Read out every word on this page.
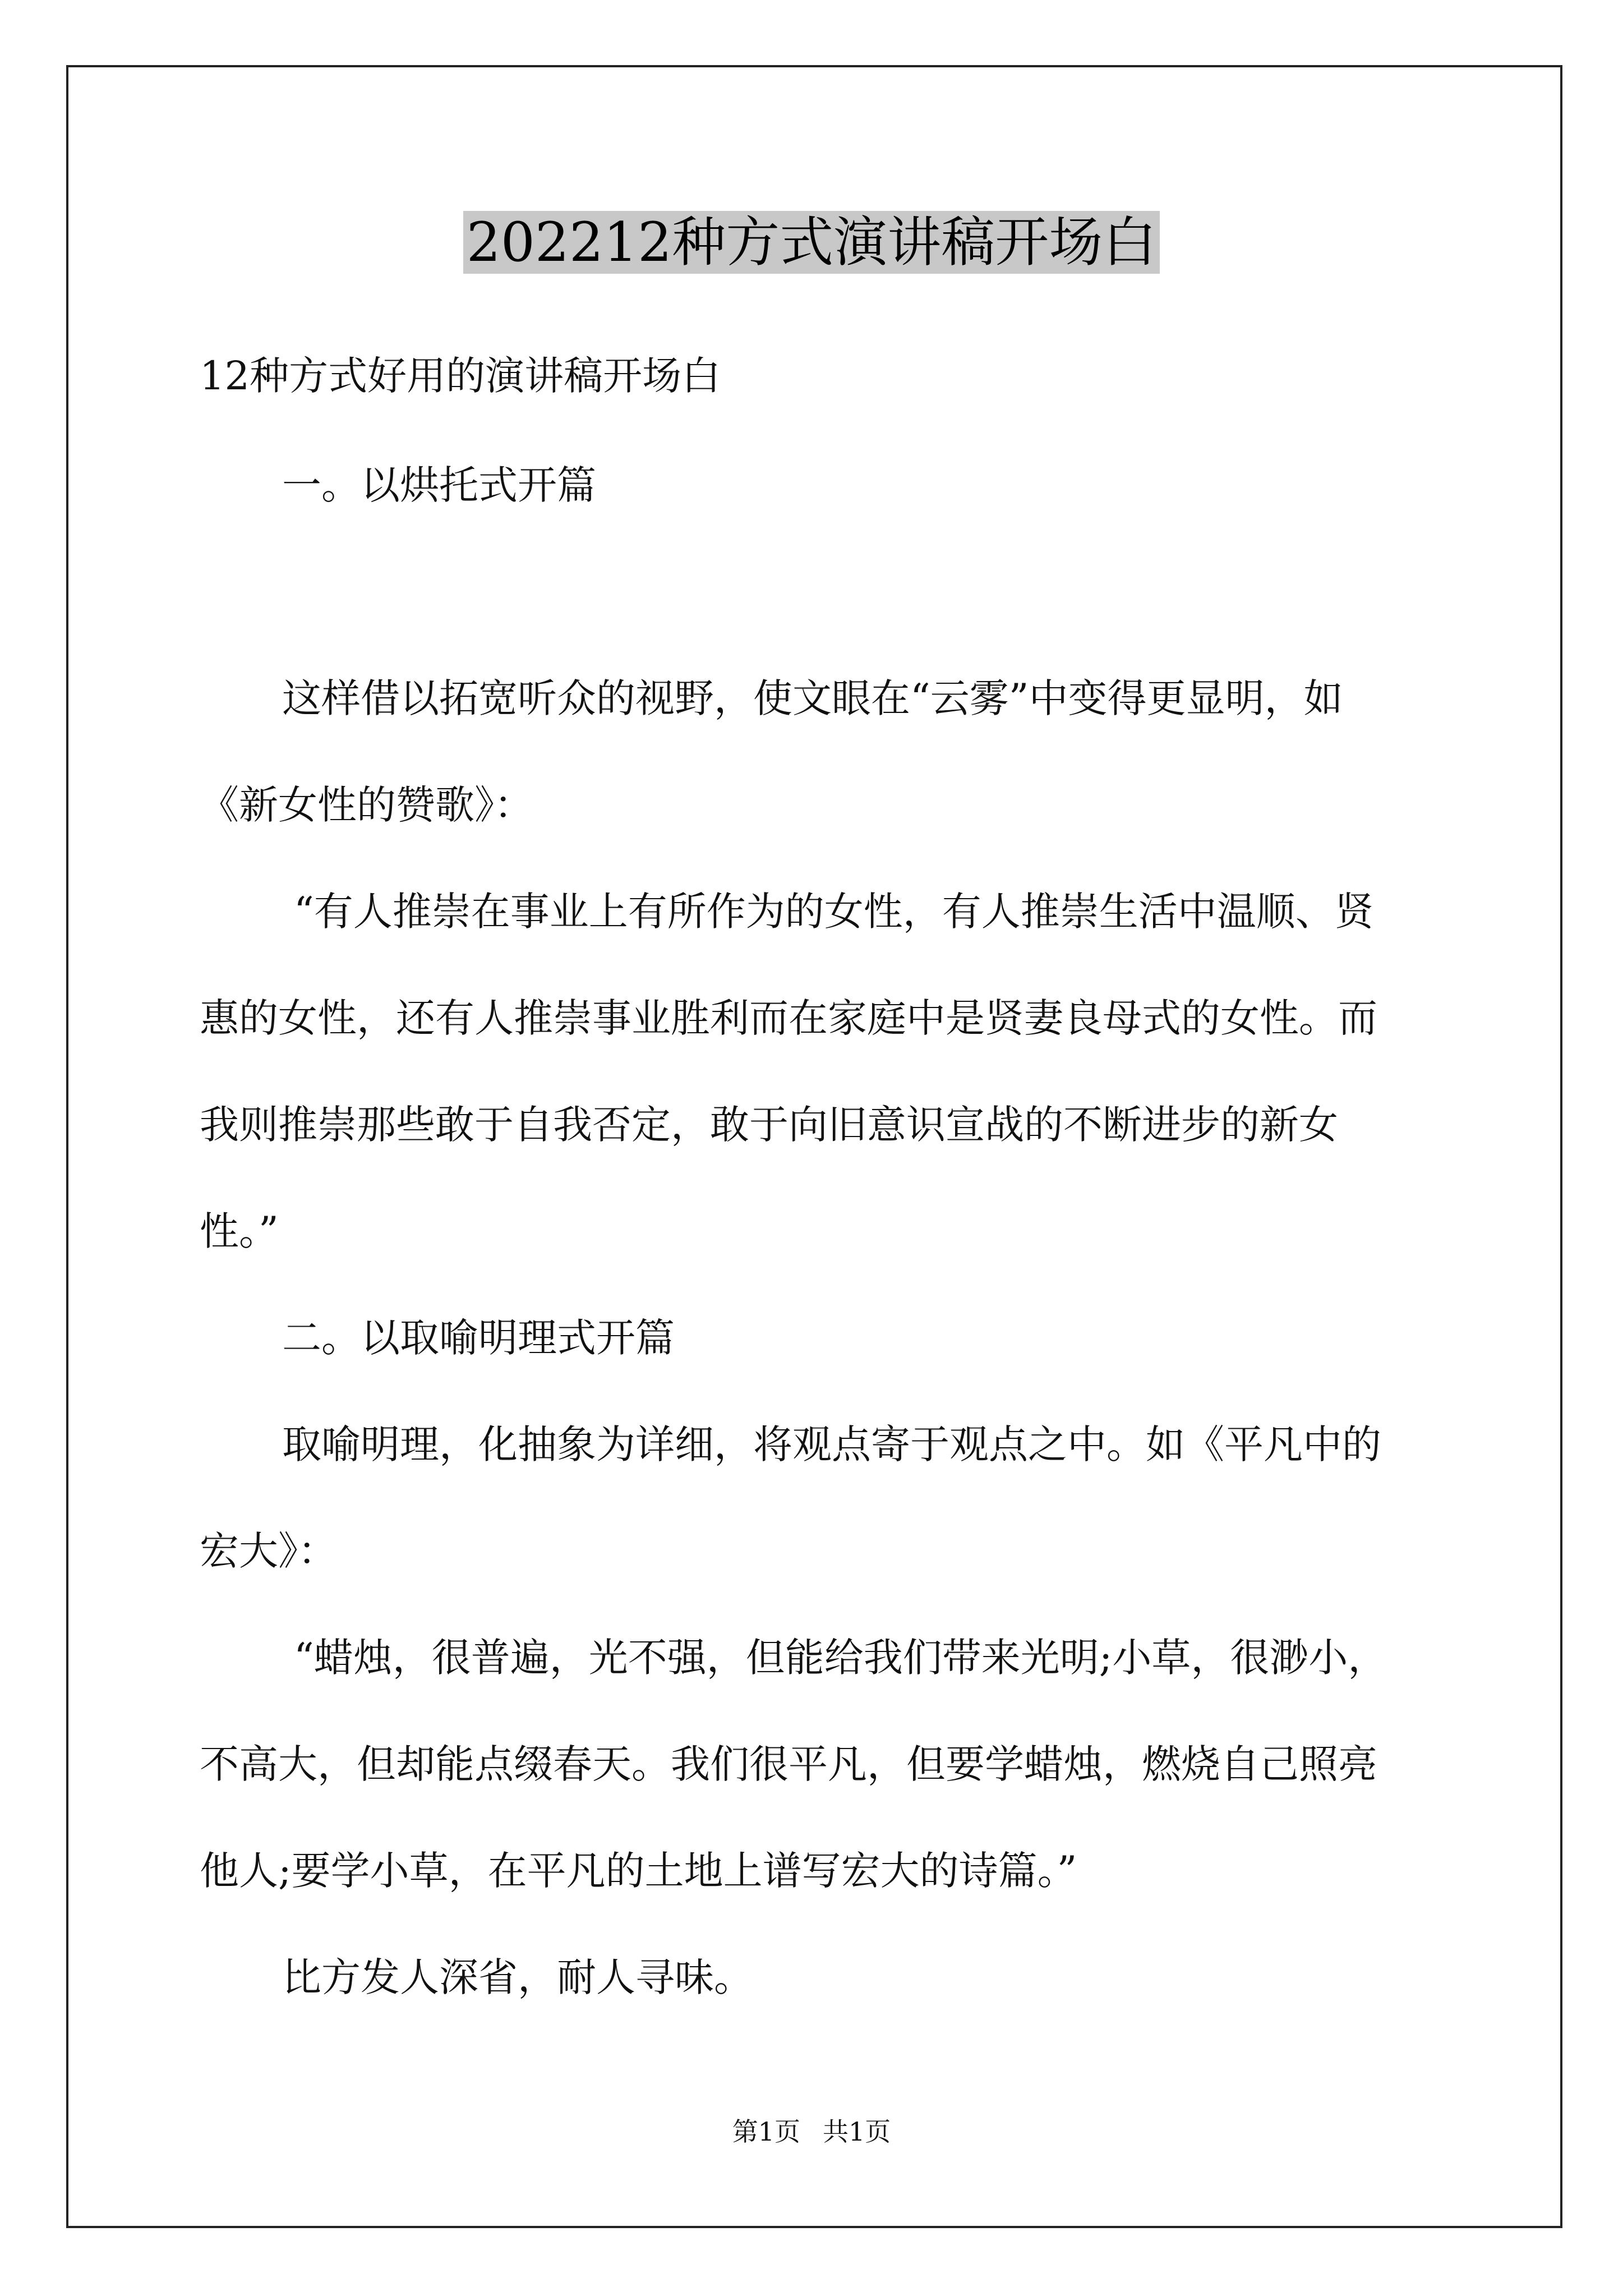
202212种方式演讲稿开场白
12种方式好用的演讲稿开场白
一。以烘托式开篇
这样借以拓宽听众的视野，使文眼在“云雾”中变得更显明，如
《新女性的赞歌》：
“有人推崇在事业上有所作为的女性，有人推崇生活中温顺、贤
惠的女性，还有人推崇事业胜利而在家庭中是贤妻良母式的女性。而
我则推崇那些敢于自我否定，敢于向旧意识宣战的不断进步的新女
性。”
二。以取喻明理式开篇
取喻明理，化抽象为详细，将观点寄于观点之中。如《平凡中的
宏大》：
“蜡烛，很普遍，光不强，但能给我们带来光明;小草，很渺小，
不高大，但却能点缀春天。我们很平凡，但要学蜡烛，燃烧自己照亮
他人;要学小草，在平凡的土地上谱写宏大的诗篇。”
比方发人深省，耐人寻味。
第1页 共1页
